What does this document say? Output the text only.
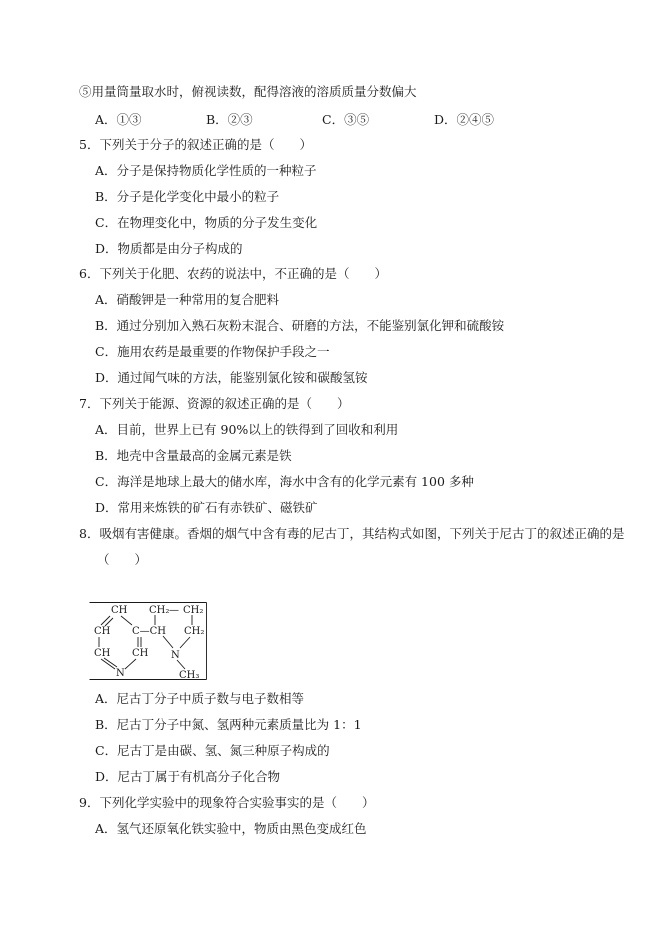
⑤用量筒量取水时，俯视读数，配得溶液的溶质质量分数偏大
A．①③	B．②③	C．③⑤	D．②④⑤
5．下列关于分子的叙述正确的是（　　）
A．分子是保持物质化学性质的一种粒子
B．分子是化学变化中最小的粒子
C．在物理变化中，物质的分子发生变化
D．物质都是由分子构成的
6．下列关于化肥、农药的说法中，不正确的是（　　）
A．硝酸钾是一种常用的复合肥料
B．通过分别加入熟石灰粉末混合、研磨的方法，不能鉴别氯化钾和硫酸铵
C．施用农药是最重要的作物保护手段之一
D．通过闻气味的方法，能鉴别氯化铵和碳酸氢铵
7．下列关于能源、资源的叙述正确的是（　　）
A．目前，世界上已有 90%以上的铁得到了回收和利用
B．地壳中含量最高的金属元素是铁
C．海洋是地球上最大的储水库，海水中含有的化学元素有 100 多种
D．常用来炼铁的矿石有赤铁矿、磁铁矿
8．吸烟有害健康。香烟的烟气中含有毒的尼古丁，其结构式如图，下列关于尼古丁的叙述正确的是
（　　）
CH CH₂ — CH₂
CH C—CH CH₂
CH CH N
N	CH₃
A．尼古丁分子中质子数与电子数相等
B．尼古丁分子中氮、氢两种元素质量比为 1：1
C．尼古丁是由碳、氢、氮三种原子构成的
D．尼古丁属于有机高分子化合物
9．下列化学实验中的现象符合实验事实的是（　　）
A．氢气还原氧化铁实验中，物质由黑色变成红色
